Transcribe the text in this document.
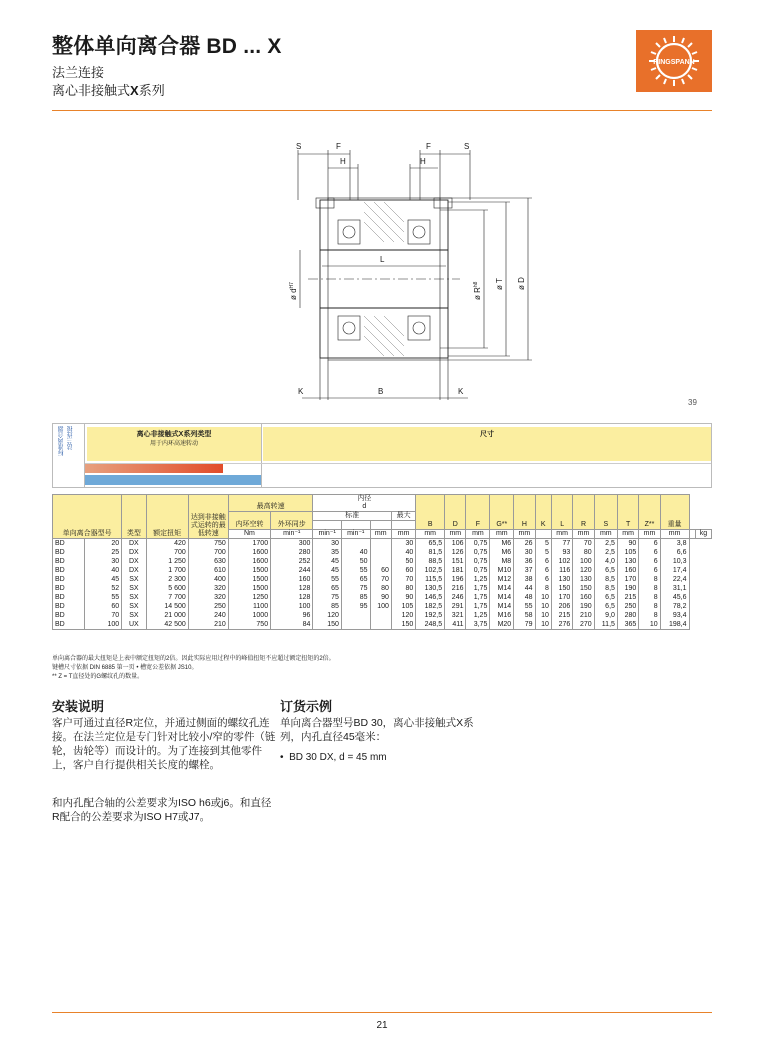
整体单向离合器 BD ... X
法兰连接
离心非接触式X系列
RINGSPANN
S	F
H	H
F	S
L
K	B	K
ø $d^{H7}$
ø $R^{h8}$	ø T ø D
39
标准离合器 法兰连接	离心非接触式X系列类型
用于内环高速转动
尺寸
单向离合器型号		类型	额定扭矩	达到非接触式运转的最低转速	最高转速		内径
d				B	D	F	G**	H	K	L	R	S	T	Z**	重量		
					内环空转	外环同步	标准			最大														

					Nm	min⁻¹	min⁻¹	min⁻¹	mm	mm	mm	mm	mm	mm	mm		mm	mm	mm	mm	mm	mm		kg
BD	20	DX	420	750	1700	300	30			30	65,5	106	0,75	M6	26	5	77	70	2,5	90	6	3,8		
BD	25	DX	700	700	1600	280	35	40		40	81,5	126	0,75	M6	30	5	93	80	2,5	105	6	6,6		
BD	30	DX	1 250	630	1600	252	45	50		50	88,5	151	0,75	M8	36	6	102	100	4,0	130	6	10,3		
BD	40	DX	1 700	610	1500	244	45	55	60	60	102,5	181	0,75	M10	37	6	116	120	6,5	160	6	17,4		
BD	45	SX	2 300	400	1500	160	55	65	70	70	115,5	196	1,25	M12	38	6	130	130	8,5	170	8	22,4		
BD	52	SX	5 600	320	1500	128	65	75	80	80	130,5	216	1,75	M14	44	8	150	150	8,5	190	8	31,1		
BD	55	SX	7 700	320	1250	128	75	85	90	90	146,5	246	1,75	M14	48	10	170	160	6,5	215	8	45,6		
BD	60	SX	14 500	250	1100	100	85	95	100	105	182,5	291	1,75	M14	55	10	206	190	6,5	250	8	78,2		
BD	70	SX	21 000	240	1000	96	120			120	192,5	321	1,25	M16	58	10	215	210	9,0	280	8	93,4		
BD	100	UX	42 500	210	750	84	150			150	248,5	411	3,75	M20	79	10	276	270	11,5	365	10	198,4		
单向离合器的最大扭矩是上表中额定扭矩的2倍。因此实际应用过程中的峰值扭矩不应超过额定扭矩的2倍。
键槽尺寸依据 DIN 6885 第一页 • 槽宽公差依据 JS10。
** Z = T直径处的G螺纹孔的数量。
安装说明
客户可通过直径R定位，并通过侧面的螺纹孔连接。在法兰定位是专门针对比较小/窄的零件（链轮，齿轮等）而设计的。为了连接到其他零件上，客户自行提供相关长度的螺栓。
和内孔配合轴的公差要求为ISO h6或j6。和直径R配合的公差要求为ISO H7或J7。
订货示例
单向离合器型号BD 30，离心非接触式X系列，内孔直径45毫米：
• BD 30 DX, d = 45 mm
21
